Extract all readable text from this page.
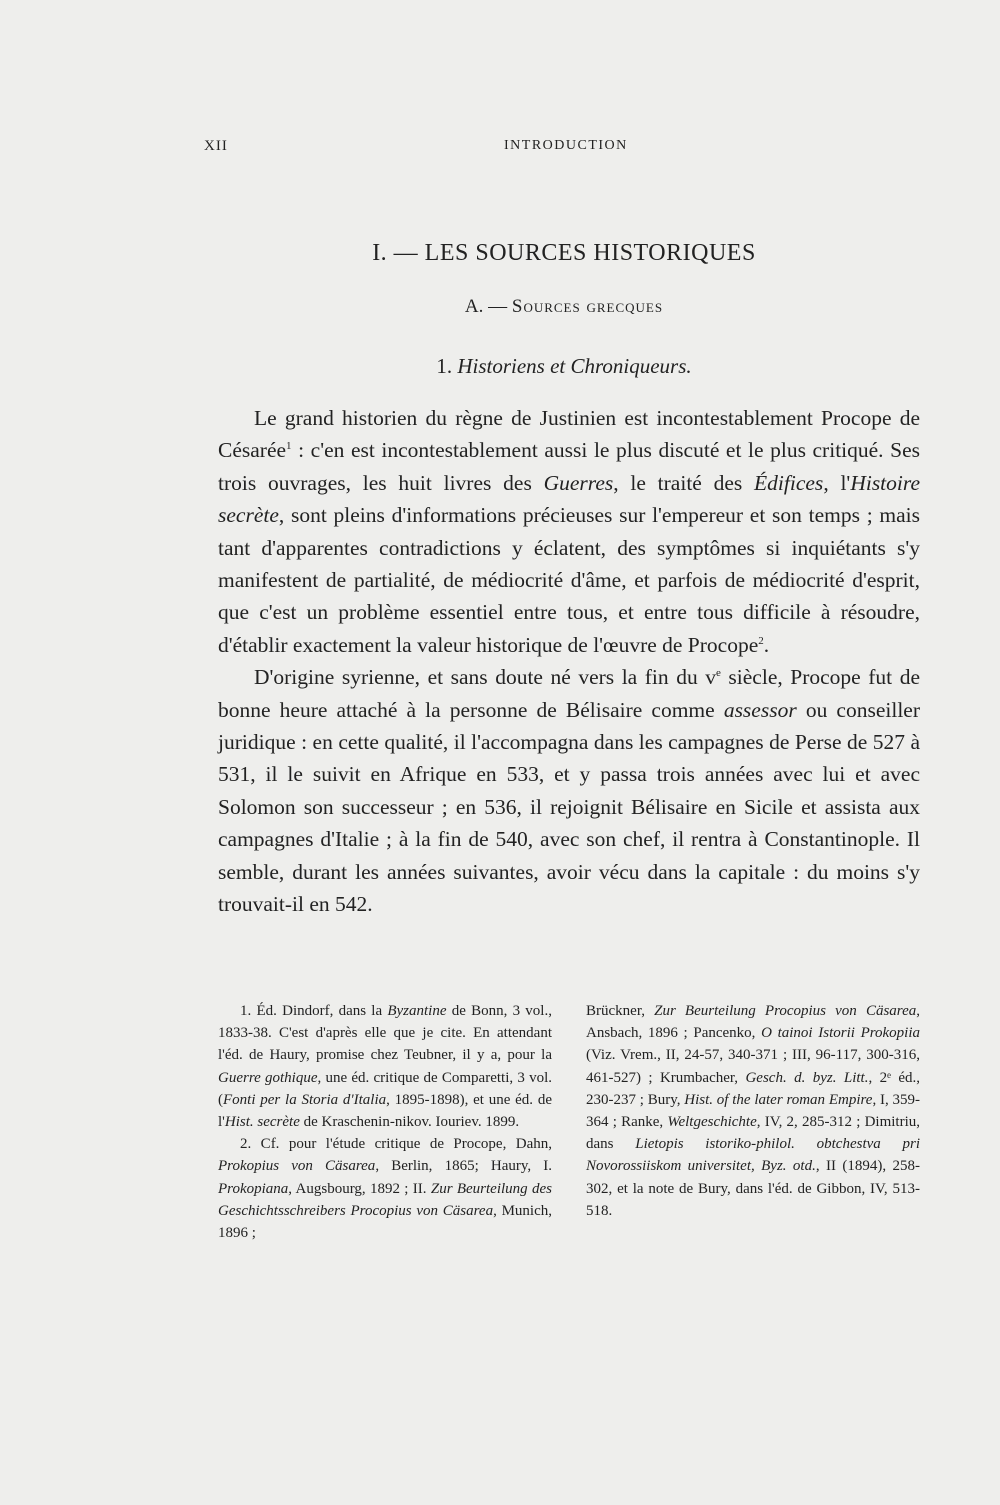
XII	INTRODUCTION
I. — LES SOURCES HISTORIQUES
A. — Sources grecques
1. Historiens et Chroniqueurs.

Le grand historien du règne de Justinien est incontestablement Procope de Césarée$^1$ : c'en est incontestablement aussi le plus discuté et le plus critiqué. Ses trois ouvrages, les huit livres des Guerres, le traité des Édifices, l'Histoire secrète, sont pleins d'informations précieuses sur l'empereur et son temps ; mais tant d'apparentes contradictions y éclatent, des symptômes si inquiétants s'y manifestent de partialité, de médiocrité d'âme, et parfois de médiocrité d'esprit, que c'est un problème essentiel entre tous, et entre tous difficile à résoudre, d'établir exactement la valeur historique de l'œuvre de Procope$^2$.

D'origine syrienne, et sans doute né vers la fin du $v^e$ siècle, Procope fut de bonne heure attaché à la personne de Bélisaire comme assessor ou conseiller juridique : en cette qualité, il l'accompagna dans les campagnes de Perse de 527 à 531, il le suivit en Afrique en 533, et y passa trois années avec lui et avec Solomon son successeur ; en 536, il rejoignit Bélisaire en Sicile et assista aux campagnes d'Italie ; à la fin de 540, avec son chef, il rentra à Constantinople. Il semble, durant les années suivantes, avoir vécu dans la capitale : du moins s'y trouvait-il en 542.

1. Éd. Dindorf, dans la Byzantine de Bonn, 3 vol., 1833-38. C'est d'après elle que je cite. En attendant l'éd. de Haury, promise chez Teubner, il y a, pour la Guerre gothique, une éd. critique de Comparetti, 3 vol. (Fonti per la Storia d'Italia, 1895-1898), et une éd. de l'Hist. secrète de Kraschenin-nikov. Iouriev. 1899.

2. Cf. pour l'étude critique de Procope, Dahn, Prokopius von Cäsarea, Berlin, 1865; Haury, I. Prokopiana, Augsbourg, 1892 ; II. Zur Beurteilung des Geschichtsschreibers Procopius von Cäsarea, Munich, 1896 ;

Brückner, Zur Beurteilung Procopius von Cäsarea, Ansbach, 1896 ; Pancenko, O tainoi Istorii Prokopiia (Viz. Vrem., II, 24-57, 340-371 ; III, 96-117, 300-316, 461-527) ; Krumbacher, Gesch. d. byz. Litt., 2ᵉ éd., 230-237 ; Bury, Hist. of the later roman Empire, I, 359-364 ; Ranke, Weltgeschichte, IV, 2, 285-312 ; Dimitriu, dans Lietopis istoriko-philol. obtchestva pri Novorossiiskom universitet, Byz. otd., II (1894), 258-302, et la note de Bury, dans l'éd. de Gibbon, IV, 513-518.
